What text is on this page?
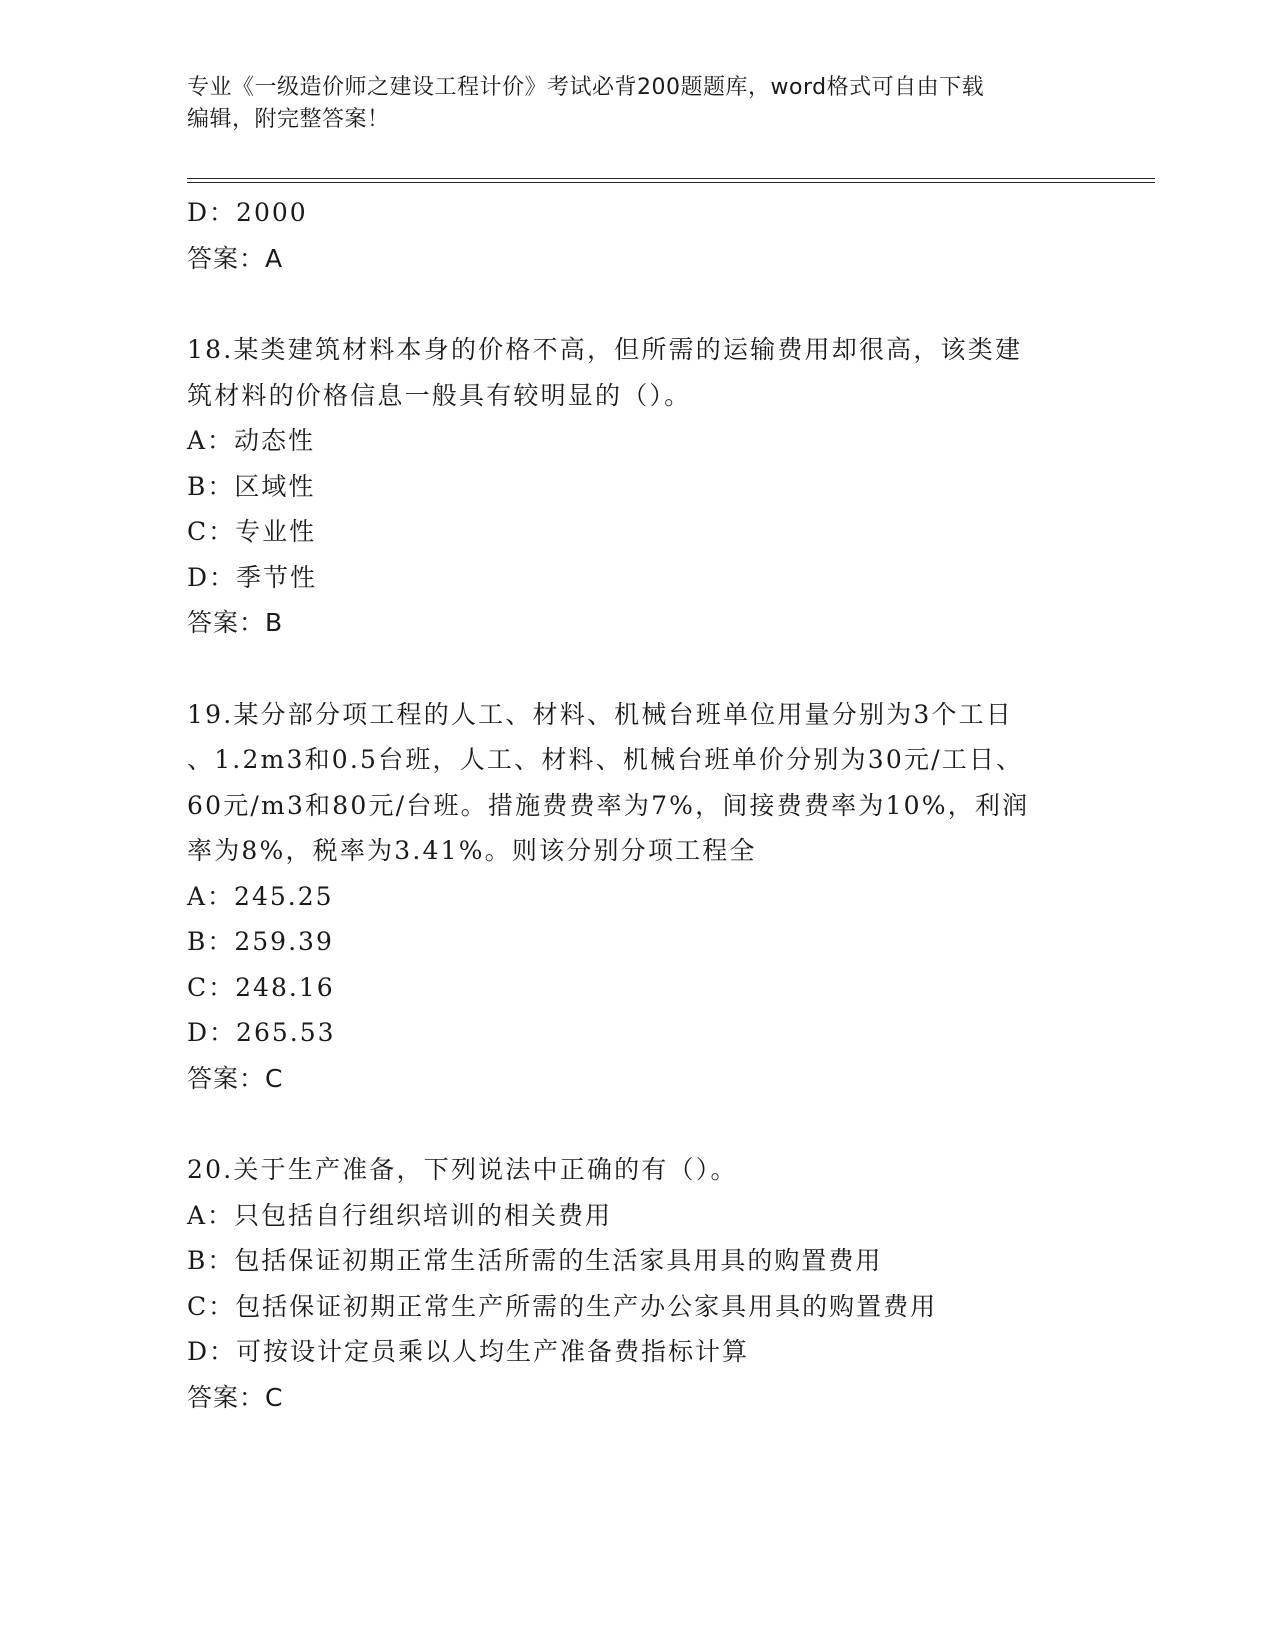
专业《一级造价师之建设工程计价》考试必背200题题库，word格式可自由下载
编辑，附完整答案！
D：2000
答案：A
18.某类建筑材料本身的价格不高，但所需的运输费用却很高，该类建
筑材料的价格信息一般具有较明显的（）。
A：动态性
B：区域性
C：专业性
D：季节性
答案：B
19.某分部分项工程的人工、材料、机械台班单位用量分别为3个工日
、1.2m3和0.5台班，人工、材料、机械台班单价分别为30元/工日、
60元/m3和80元/台班。措施费费率为7%，间接费费率为10%，利润
率为8%，税率为3.41%。则该分别分项工程全
A：245.25
B：259.39
C：248.16
D：265.53
答案：C
20.关于生产准备，下列说法中正确的有（）。
A：只包括自行组织培训的相关费用
B：包括保证初期正常生活所需的生活家具用具的购置费用
C：包括保证初期正常生产所需的生产办公家具用具的购置费用
D：可按设计定员乘以人均生产准备费指标计算
答案：C
